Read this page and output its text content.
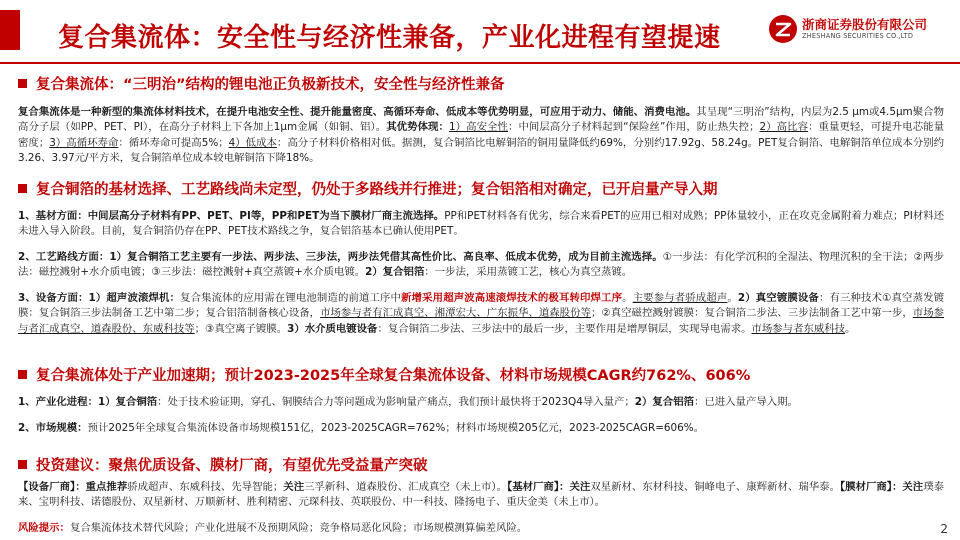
复合集流体：安全性与经济性兼备，产业化进程有望提速	浙商证券股份有限公司
ZHESHANG SECURITIES CO.,LTD
复合集流体：“三明治”结构的锂电池正负极新技术，安全性与经济性兼备
复合集流体是一种新型的集流体材料技术，在提升电池安全性、提升能量密度、高循环寿命、低成本等优势明显，可应用于动力、储能、消费电池。其呈现“三明治”结构，内层为2.5 μm或4.5μm聚合物高分子层（如PP、PET、PI），在高分子材料上下各加上1μm金属（如铜、铝）。其优势体现：1）高安全性：中间层高分子材料起到“保险丝”作用，防止热失控；2）高比容：重量更轻，可提升电芯能量密度；3）高循环寿命：循环寿命可提高5%；4）低成本：高分子材料价格相对低。据测，复合铜箔比电解铜箔的铜用量降低约69%，分别约17.92g、58.24g。PET复合铜箔、电解铜箔单位成本分别约3.26、3.97元/平方米，复合铜箔单位成本较电解铜箔下降18%。
复合铜箔的基材选择、工艺路线尚未定型，仍处于多路线并行推进；复合铝箔相对确定，已开启量产导入期
1、基材方面：中间层高分子材料有PP、PET、PI等，PP和PET为当下膜材厂商主流选择。PP和PET材料各有优劣，综合来看PET的应用已相对成熟；PP体量较小，正在攻克金属附着力难点；PI材料还未进入导入阶段。目前，复合铜箔仍存在PP、PET技术路线之争，复合铝箔基本已确认使用PET。
2、工艺路线方面：1）复合铜箔工艺主要有一步法、两步法、三步法，两步法凭借其高性价比、高良率、低成本优势，成为目前主流选择。①一步法：有化学沉积的全湿法、物理沉积的全干法；②两步法：磁控溅射+水介质电镀；③三步法：磁控溅射+真空蒸镀+水介质电镀。2）复合铝箔：一步法，采用蒸镀工艺，核心为真空蒸镀。
3、设备方面：1）超声波滚焊机：复合集流体的应用需在锂电池制造的前道工序中新增采用超声波高速滚焊技术的极耳转印焊工序。主要参与者骄成超声。2）真空镀膜设备：有三种技术①真空蒸发镀膜：复合铜箔三步法制备工艺中第二步；复合铝箔制备核心设备，市场参与者有汇成真空、湘潭宏大、广东振华、道森股份等；②真空磁控溅射镀膜：复合铜箔二步法、三步法制备工艺中第一步，市场参与者汇成真空、道森股份、东威科技等；③真空离子镀膜。3）水介质电镀设备：复合铜箔二步法、三步法中的最后一步，主要作用是增厚铜层，实现导电需求。市场参与者东威科技。
复合集流体处于产业加速期；预计2023-2025年全球复合集流体设备、材料市场规模CAGR约762%、606%
1、产业化进程：1）复合铜箔：处于技术验证期，穿孔、铜膜结合力等问题成为影响量产痛点，我们预计最快将于2023Q4导入量产；2）复合铝箔：已进入量产导入期。
2、市场规模：预计2025年全球复合集流体设备市场规模151亿，2023-2025CAGR=762%；材料市场规模205亿元，2023-2025CAGR=606%。
投资建议：聚焦优质设备、膜材厂商，有望优先受益量产突破
【设备厂商】：重点推荐骄成超声、东威科技、先导智能；关注三孚新科、道森股份、汇成真空（未上市）。【基材厂商】：关注双星新材、东材科技、铜峰电子、康辉新材、瑞华泰。【膜材厂商】：关注璞泰来、宝明科技、诺德股份、双星新材、万顺新材、胜利精密、元琛科技、英联股份、中一科技、隆扬电子、重庆金美（未上市）。
风险提示：复合集流体技术替代风险；产业化进展不及预期风险；竞争格局恶化风险；市场规模测算偏差风险。	2
